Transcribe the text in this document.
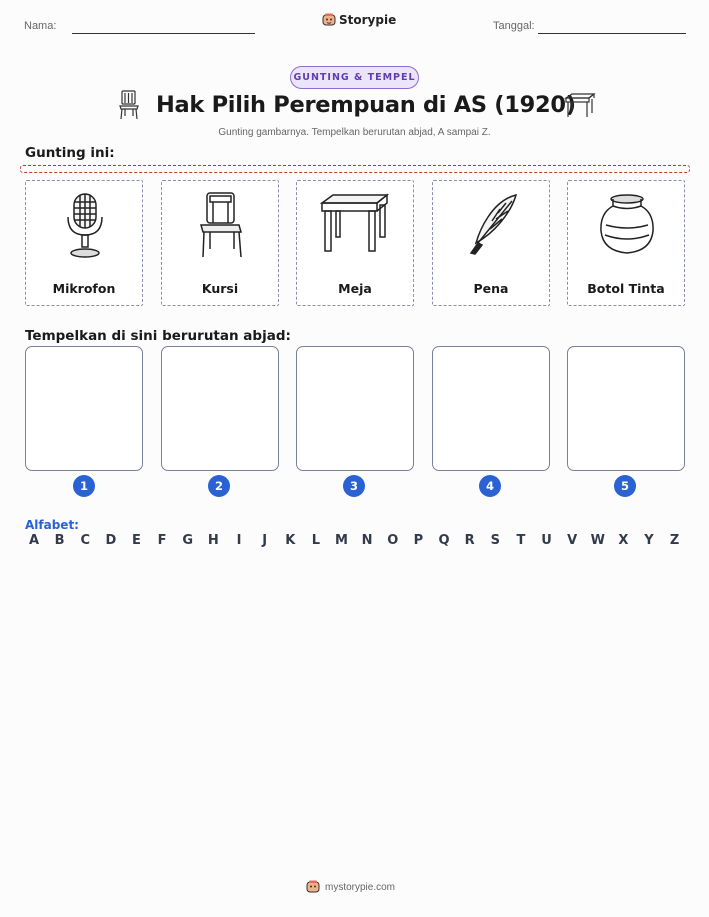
Nama:	Storypie	Tanggal:
GUNTING & TEMPEL
Hak Pilih Perempuan di AS (1920)
Gunting gambarnya. Tempelkan berurutan abjad, A sampai Z.
Gunting ini:
Mikrofon	Kursi	Meja	Pena	Botol Tinta
Tempelkan di sini berurutan abjad:
1	2	3	4	5
Alfabet:
A	B	C	D	E	F	G H	I	J	K	L	M N O	P	Q	R	S	T	U	V	W	X	Y	Z
mystorypie.com
